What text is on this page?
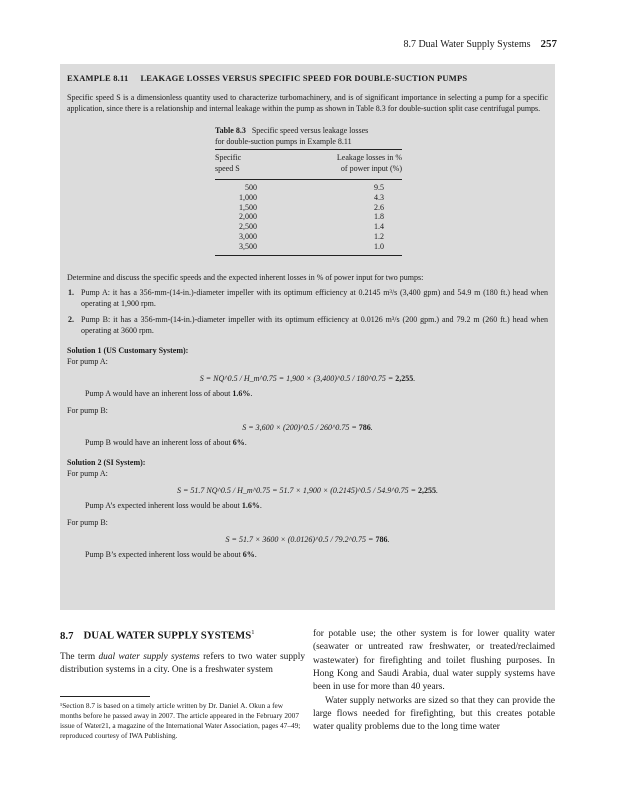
8.7 Dual Water Supply Systems 257
EXAMPLE 8.11 LEAKAGE LOSSES VERSUS SPECIFIC SPEED FOR DOUBLE-SUCTION PUMPS

Specific speed S is a dimensionless quantity used to characterize turbomachinery, and is of significant importance in selecting a pump for a specific application, since there is a relationship and internal leakage within the pump as shown in Table 8.3 for double-suction split case centrifugal pumps.

Table 8.3 Specific speed versus leakage losses
for double-suction pumps in Example 8.11
Specific
speed S
Leakage losses in %
of power input (%)
500	9.5
1,000	4.3
1,500	2.6
2,000	1.8
2,500	1.4
3,000	1.2
3,500	1.0

Determine and discuss the specific speeds and the expected inherent losses in % of power input for two pumps:

1. Pump A: it has a 356-mm-(14-in.)-diameter impeller with its optimum efficiency at 0.2145 m³/s (3,400 gpm) and 54.9 m (180 ft.) head when operating at 1,900 rpm.
2. Pump B: it has a 356-mm-(14-in.)-diameter impeller with its optimum efficiency at 0.0126 m³/s (200 gpm.) and 79.2 m (260 ft.) head when operating at 3600 rpm.
Solution 1 (US Customary System):

For pump A:

S = NQ^0.5 / H_m^0.75 = 1,900 × (3,400)^0.5 / 180^0.75 = 2,255.

Pump A would have an inherent loss of about 1.6%.

For pump B:

S = 3,600 × (200)^0.5 / 260^0.75 = 786.

Pump B would have an inherent loss of about 6%.

Solution 2 (SI System):

For pump A:

S = 51.7 NQ^0.5 / H_m^0.75 = 51.7 × 1,900 × (0.2145)^0.5 / 54.9^0.75 = 2,255.

Pump A’s expected inherent loss would be about 1.6%.

For pump B:

S = 51.7 × 3600 × (0.0126)^0.5 / 79.2^0.75 = 786.

Pump B’s expected inherent loss would be about 6%.

8.7 DUAL WATER SUPPLY SYSTEMS$^1$

The term dual water supply systems refers to two water supply distribution systems in a city. One is a freshwater system

¹Section 8.7 is based on a timely article written by Dr. Daniel A. Okun a few months before he passed away in 2007. The article appeared in the February 2007 issue of Water21, a magazine of the International Water Association, pages 47–49; reproduced courtesy of IWA Publishing.

for potable use; the other system is for lower quality water (seawater or untreated raw freshwater, or treated/reclaimed wastewater) for firefighting and toilet flushing purposes. In Hong Kong and Saudi Arabia, dual water supply systems have been in use for more than 40 years.

Water supply networks are sized so that they can provide the large flows needed for firefighting, but this creates potable water quality problems due to the long time water
